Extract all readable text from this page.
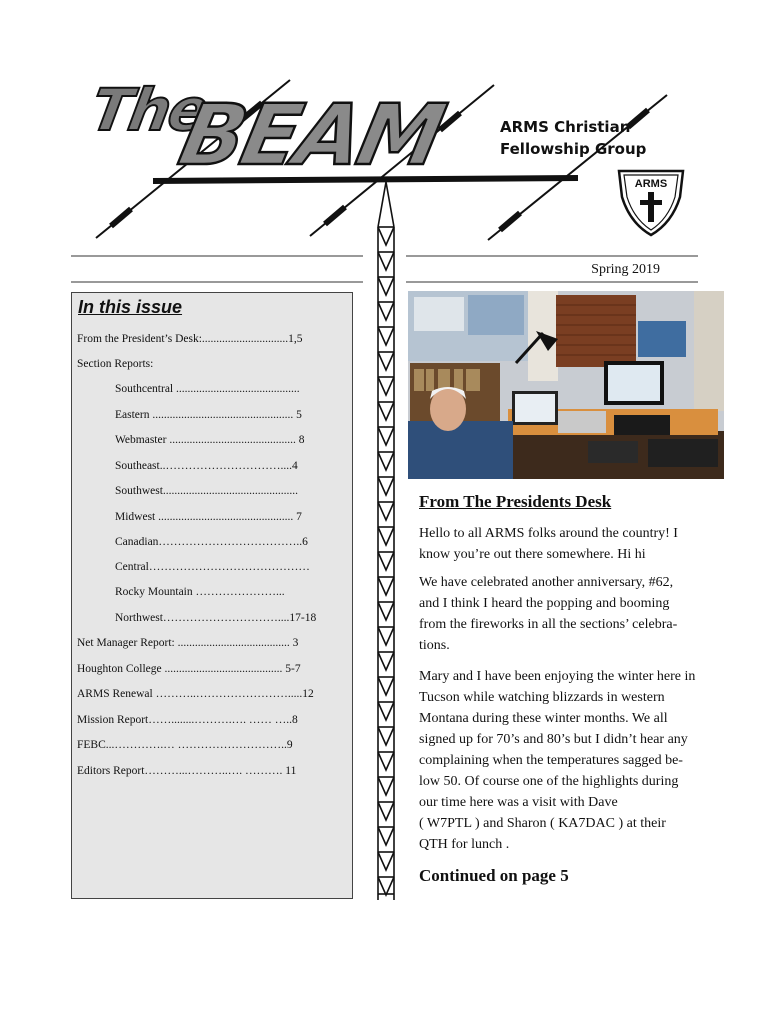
The
BEAM	ARMS Christian
Fellowship Group
ARMS
Spring 2019
In this issue
From the President’s Desk:..............................1,5
Section Reports:
Southcentral ...........................................
Eastern ................................................. 5
Webmaster ............................................ 8
Southeast..…………………………....4
Southwest...............................................
Midwest ............................................... 7
Canadian………………………………..6
Central……………………………………
Rocky Mountain …………………...
Northwest…………………………....17-18
Net Manager Report: ....................................... 3
Houghton College ......................................... 5-7
ARMS Renewal ………..…………………….....12
Mission Report……........……….…. …… …..8
FEBC...………….… ………………………..9
Editors Report………...………..…. ………. 11
From The Presidents Desk
Hello to all ARMS folks around the country! I
know you’re out there somewhere. Hi hi
We have celebrated another anniversary, #62,
and I think I heard the popping and booming
from the fireworks in all the sections’ celebra-
tions.
Mary and I have been enjoying the winter here in
Tucson while watching blizzards in western
Montana during these winter months. We all
signed up for 70’s and 80’s but I didn’t hear any
complaining when the temperatures sagged be-
low 50. Of course one of the highlights during
our time here was a visit with Dave
( W7PTL ) and Sharon ( KA7DAC ) at their
QTH for lunch .
Continued on page 5
